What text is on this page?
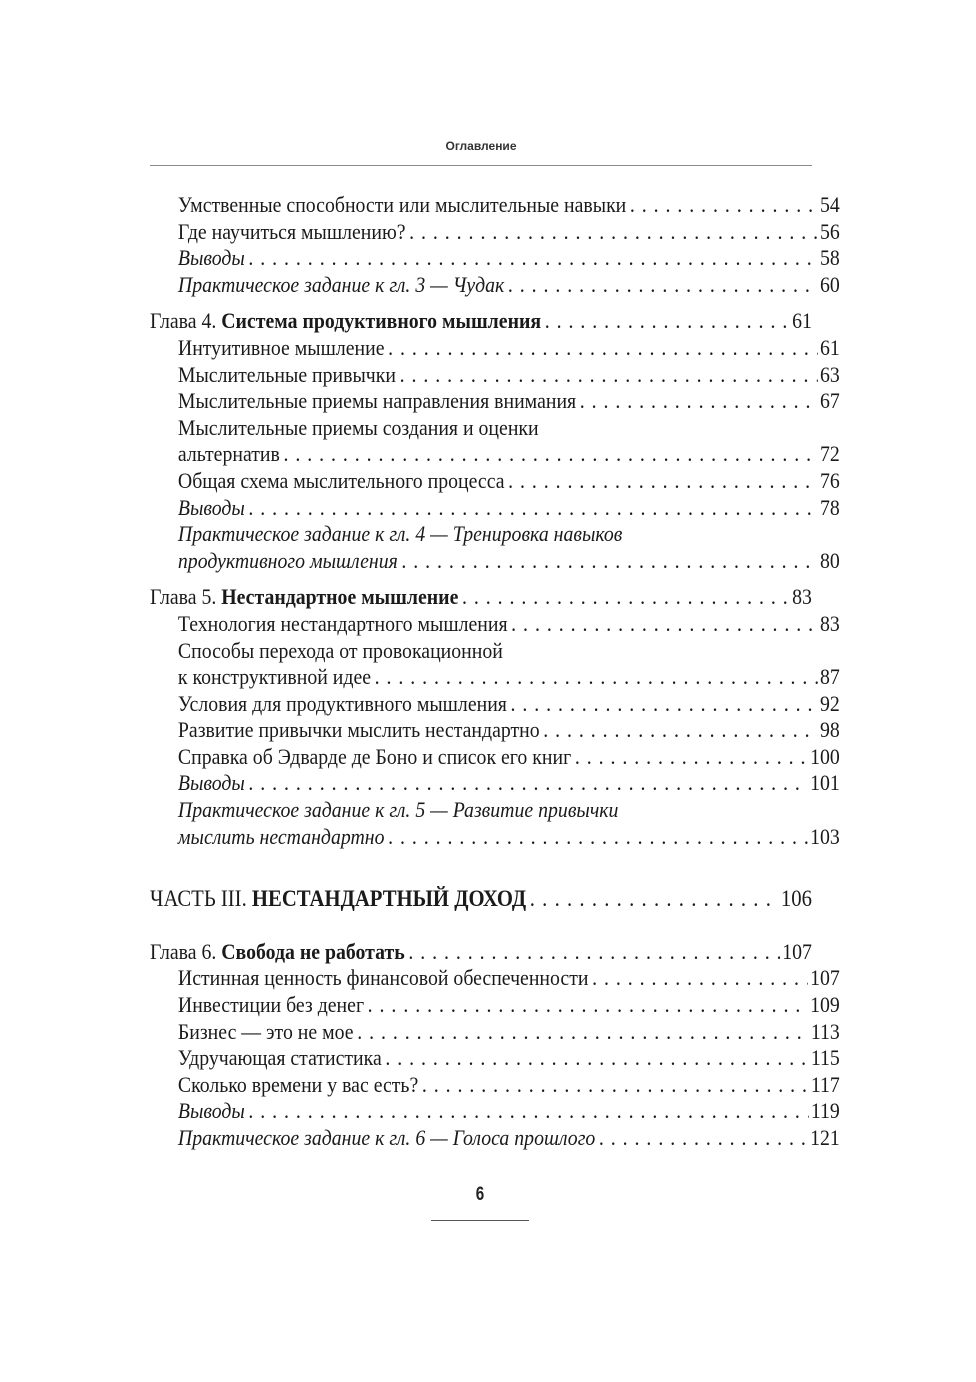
Оглавление
Умственные способности или мыслительные навыки . . .	54
Где научиться мышлению? . . .	56
Выводы . . .	58
Практическое задание к гл. 3 — Чудак . . .	60
Глава 4. Система продуктивного мышления . . .	61
Интуитивное мышление . . .	61
Мыслительные привычки . . .	63
Мыслительные приемы направления внимания . . .	67
Мыслительные приемы создания и оценки
альтернатив . . .	72
Общая схема мыслительного процесса . . .	76
Выводы . . .	78
Практическое задание к гл. 4 — Тренировка навыков
продуктивного мышления . . .	80
Глава 5. Нестандартное мышление . . .	83
Технология нестандартного мышления . . .	83
Способы перехода от провокационной
к конструктивной идее . . .	87
Условия для продуктивного мышления . . .	92
Развитие привычки мыслить нестандартно . . .	98
Справка об Эдварде де Боно и список его книг . . .	100
Выводы . . .	101
Практическое задание к гл. 5 — Развитие привычки
мыслить нестандартно . . .	103
ЧАСТЬ III. НЕСТАНДАРТНЫЙ ДОХОД . . .	106
Глава 6. Свобода не работать . . .	107
Истинная ценность финансовой обеспеченности . . .	107
Инвестиции без денег . . .	109
Бизнес — это не мое . . .	113
Удручающая статистика . . .	115
Сколько времени у вас есть? . . .	117
Выводы . . .	119
Практическое задание к гл. 6 — Голоса прошлого . . .	121
6
